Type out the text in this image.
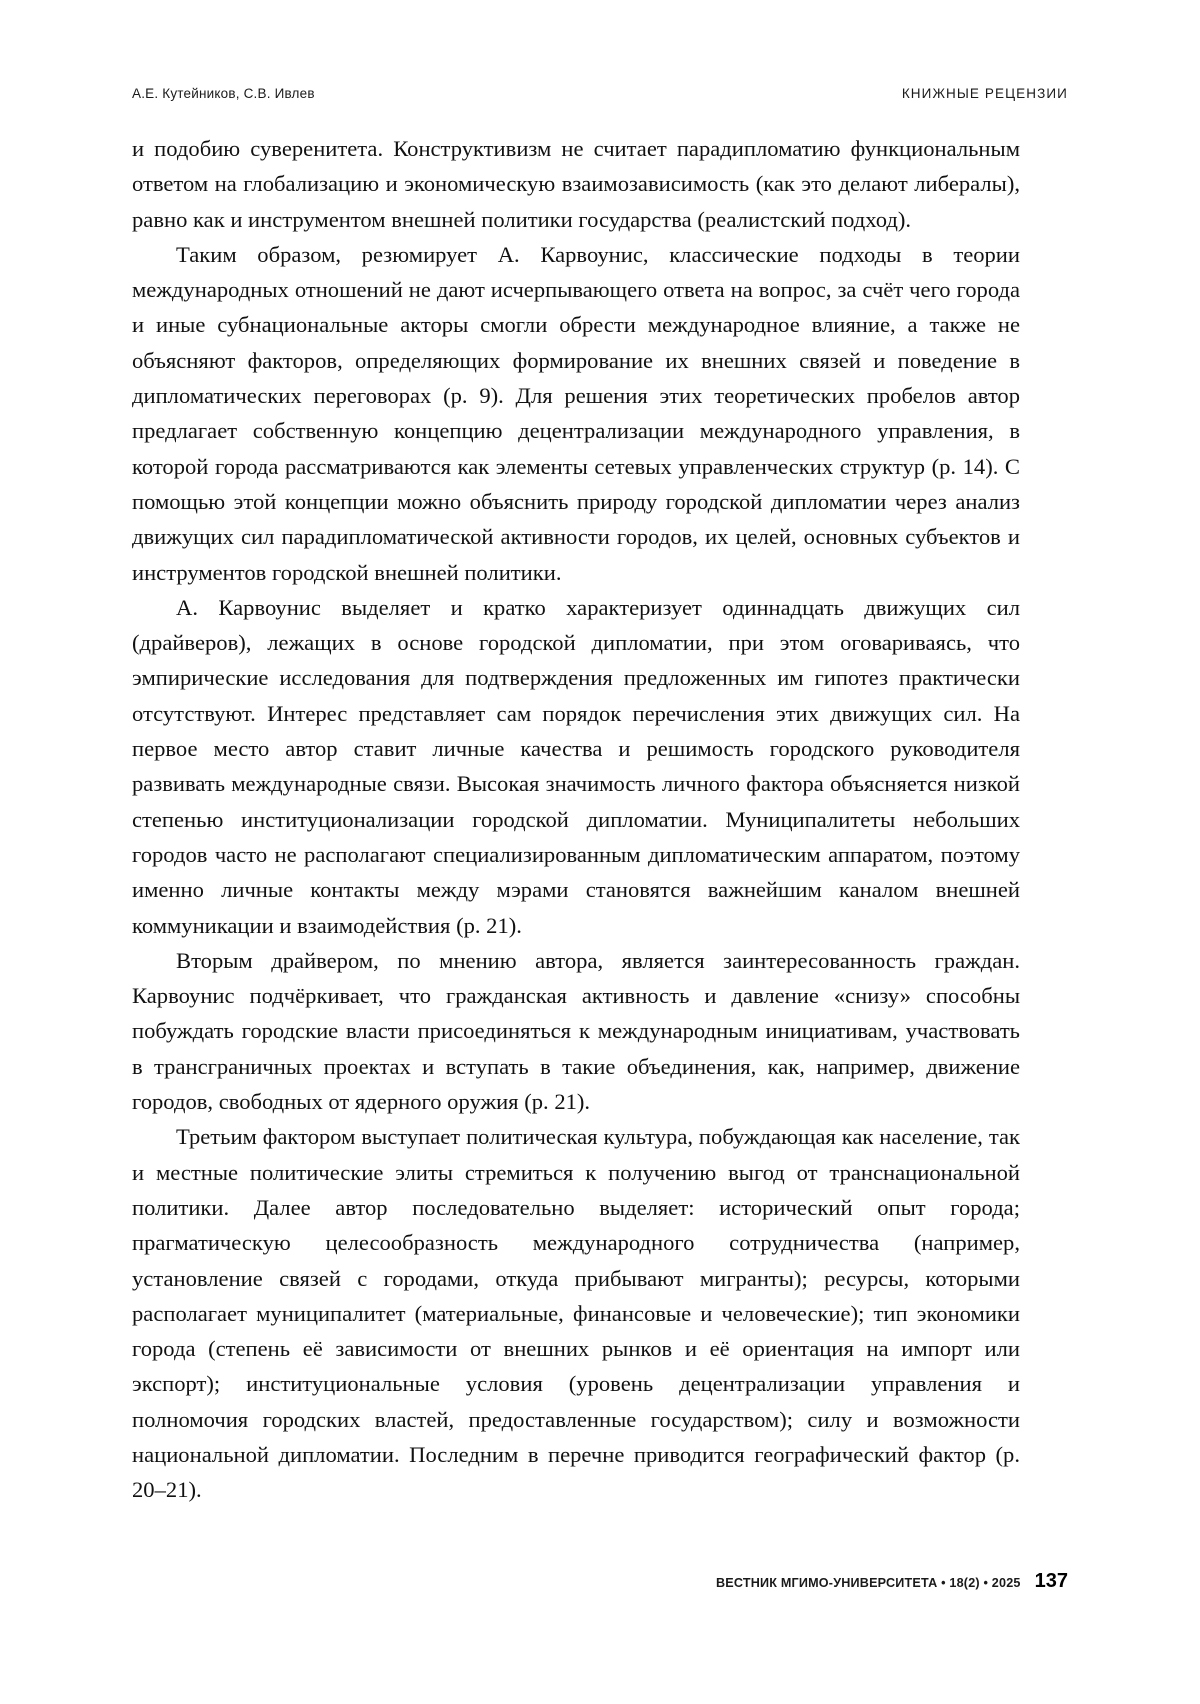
А.Е. Кутейников, С.В. Ивлев	КНИЖНЫЕ РЕЦЕНЗИИ

и подобию суверенитета. Конструктивизм не считает парадипломатию функциональным ответом на глобализацию и экономическую взаимозависимость (как это делают либералы), равно как и инструментом внешней политики государства (реалистский подход).

Таким образом, резюмирует А. Карвоунис, классические подходы в теории международных отношений не дают исчерпывающего ответа на вопрос, за счёт чего города и иные субнациональные акторы смогли обрести международное влияние, а также не объясняют факторов, определяющих формирование их внешних связей и поведение в дипломатических переговорах (p. 9). Для решения этих теоретических пробелов автор предлагает собственную концепцию децентрализации международного управления, в которой города рассматриваются как элементы сетевых управленческих структур (p. 14). С помощью этой концепции можно объяснить природу городской дипломатии через анализ движущих сил парадипломатической активности городов, их целей, основных субъектов и инструментов городской внешней политики.

А. Карвоунис выделяет и кратко характеризует одиннадцать движущих сил (драйверов), лежащих в основе городской дипломатии, при этом оговариваясь, что эмпирические исследования для подтверждения предложенных им гипотез практически отсутствуют. Интерес представляет сам порядок перечисления этих движущих сил. На первое место автор ставит личные качества и решимость городского руководителя развивать международные связи. Высокая значимость личного фактора объясняется низкой степенью институционализации городской дипломатии. Муниципалитеты небольших городов часто не располагают специализированным дипломатическим аппаратом, поэтому именно личные контакты между мэрами становятся важнейшим каналом внешней коммуникации и взаимодействия (p. 21).

Вторым драйвером, по мнению автора, является заинтересованность граждан. Карвоунис подчёркивает, что гражданская активность и давление «снизу» способны побуждать городские власти присоединяться к международным инициативам, участвовать в трансграничных проектах и вступать в такие объединения, как, например, движение городов, свободных от ядерного оружия (p. 21).

Третьим фактором выступает политическая культура, побуждающая как население, так и местные политические элиты стремиться к получению выгод от транснациональной политики. Далее автор последовательно выделяет: исторический опыт города; прагматическую целесообразность международного сотрудничества (например, установление связей с городами, откуда прибывают мигранты); ресурсы, которыми располагает муниципалитет (материальные, финансовые и человеческие); тип экономики города (степень её зависимости от внешних рынков и её ориентация на импорт или экспорт); институциональные условия (уровень децентрализации управления и полномочия городских властей, предоставленные государством); силу и возможности национальной дипломатии. Последним в перечне приводится географический фактор (p. 20–21).

ВЕСТНИК МГИМО-УНИВЕРСИТЕТА • 18(2) • 2025 137
